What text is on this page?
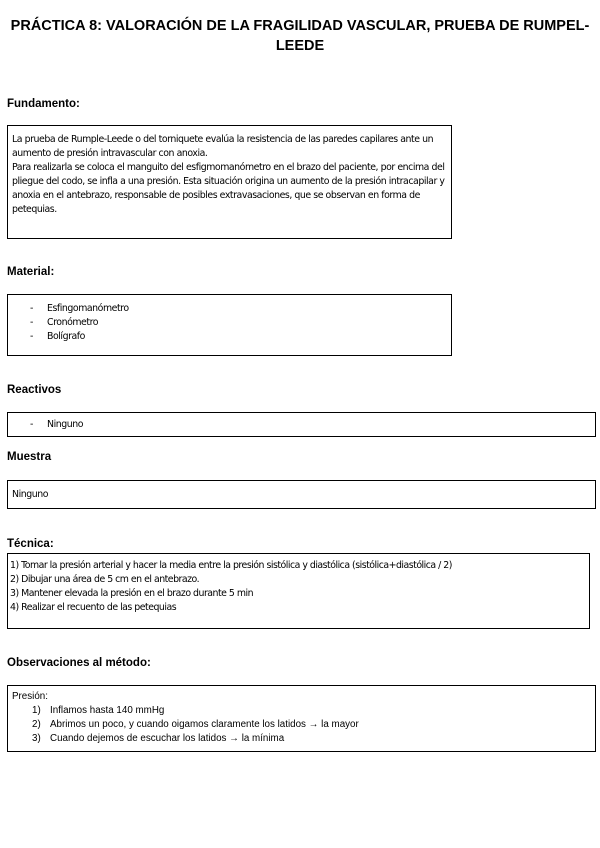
PRÁCTICA 8: VALORACIÓN DE LA FRAGILIDAD VASCULAR, PRUEBA DE RUMPEL-LEEDE
Fundamento:
La prueba de Rumple-Leede o del torniquete evalúa la resistencia de las paredes capilares ante un aumento de presión intravascular con anoxia.
Para realizarla se coloca el manguito del esfigmomanómetro en el brazo del paciente, por encima del pliegue del codo, se infla a una presión. Esta situación origina un aumento de la presión intracapilar y anoxia en el antebrazo, responsable de posibles extravasaciones, que se observan en forma de petequias.
Material:
- Esfingomanómetro
- Cronómetro
- Bolígrafo
Reactivos
- Ninguno
Muestra
Ninguno
Técnica:
1) Tomar la presión arterial y hacer la media entre la presión sistólica y diastólica (sistólica+diastólica / 2)
2) Dibujar una área de 5 cm en el antebrazo.
3) Mantener elevada la presión en el brazo durante 5 min
4) Realizar el recuento de las petequias
Observaciones al método:
Presión:
1) Inflamos hasta 140 mmHg
2) Abrimos un poco, y cuando oigamos claramente los latidos → la mayor
3) Cuando dejemos de escuchar los latidos → la mínima
